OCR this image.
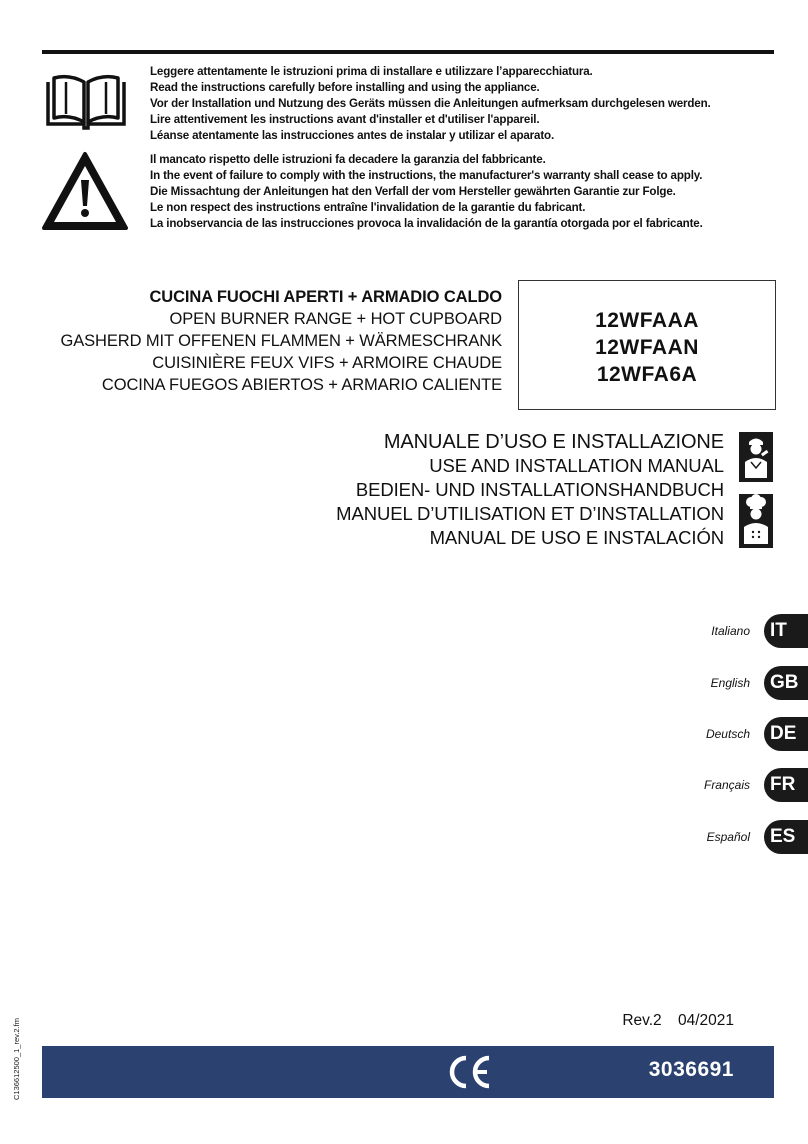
Leggere attentamente le istruzioni prima di installare e utilizzare l’apparecchiatura.
Read the instructions carefully before installing and using the appliance.
Vor der Installation und Nutzung des Geräts müssen die Anleitungen aufmerksam durchgelesen werden.
Lire attentivement les instructions avant d'installer et d'utiliser l'appareil.
Léanse atentamente las instrucciones antes de instalar y utilizar el aparato.
Il mancato rispetto delle istruzioni fa decadere la garanzia del fabbricante.
In the event of failure to comply with the instructions, the manufacturer's warranty shall cease to apply.
Die Missachtung der Anleitungen hat den Verfall der vom Hersteller gewährten Garantie zur Folge.
Le non respect des instructions entraîne l'invalidation de la garantie du fabricant.
La inobservancia de las instrucciones provoca la invalidación de la garantía otorgada por el fabricante.
CUCINA FUOCHI APERTI + ARMADIO CALDO
OPEN BURNER RANGE + HOT CUPBOARD
GASHERD MIT OFFENEN FLAMMEN + WÄRMESCHRANK
CUISINIÈRE FEUX VIFS + ARMOIRE CHAUDE
COCINA FUEGOS ABIERTOS + ARMARIO CALIENTE
12WFAAA
12WFAAN
12WFA6A
MANUALE D’USO E INSTALLAZIONE
USE AND INSTALLATION MANUAL
BEDIEN- UND INSTALLATIONSHANDBUCH
MANUEL D’UTILISATION ET D’INSTALLATION
MANUAL DE USO E INSTALACIÓN
Italiano	IT
English	GB
Deutsch	DE
Français	FR
Español	ES
Rev.2 04/2021
3036691
C136612500_1_rev.2.fm
